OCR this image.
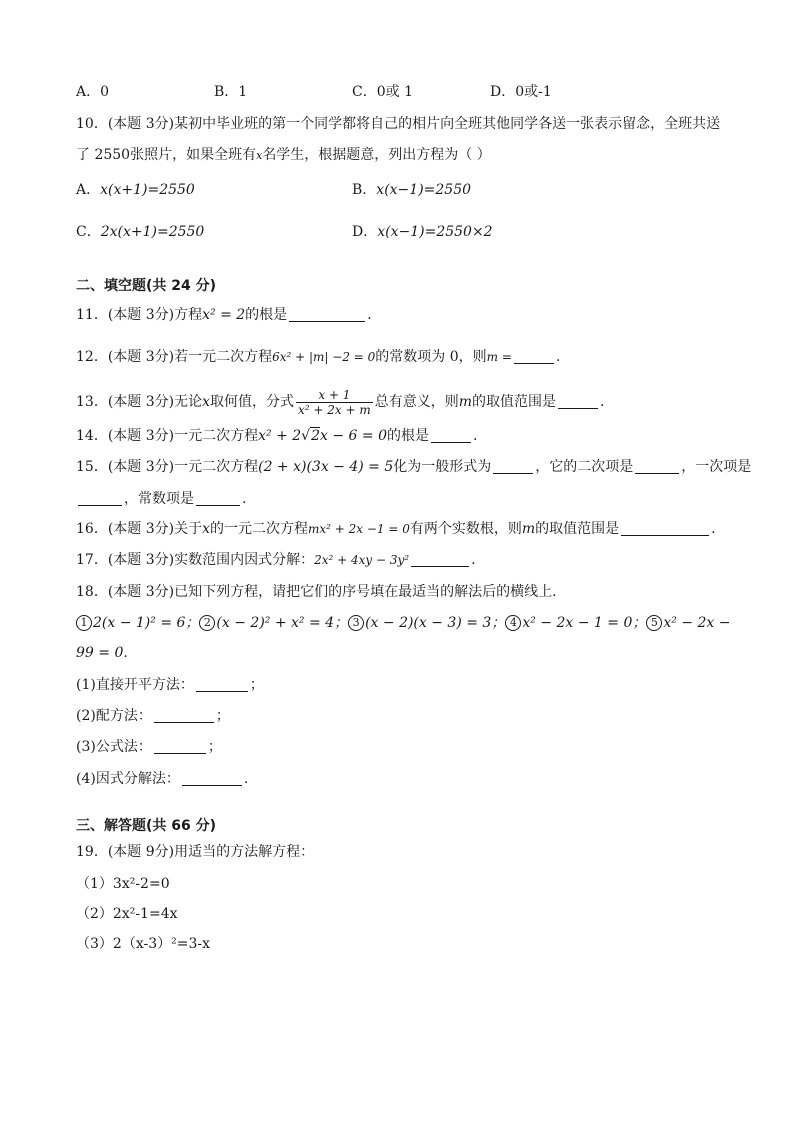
A．0	B．1	C．0或 1	D．0或-1
10．(本题 3分)某初中毕业班的第一个同学都将自己的相片向全班其他同学各送一张表示留念，全班共送
了 2550张照片，如果全班有x名学生，根据题意，列出方程为（ ）
A．x(x+1)=2550	B．x(x−1)=2550
C．2x(x+1)=2550	D．x(x−1)=2550×2
二、填空题(共 24 分)
11．(本题 3分)方程x² = 2的根是	.
12．(本题 3分)若一元二次方程6x² + |m| −2 = 0的常数项为 0，则m =	.
13．(本题 3分)无论x取何值，分式 $\frac{x + 1}{\text{x² + 2x + m}}$ 总有意义，则m的取值范围是	.
14．(本题 3分)一元二次方程x² + 2√2x − 6 = 0的根是	.
15．(本题 3分)一元二次方程(2 + x)(3x − 4) = 5化为一般形式为	，它的二次项是	，一次项是
，常数项是	.
16．(本题 3分)关于x的一元二次方程mx² + 2x −1 = 0有两个实数根，则m的取值范围是	.
17．(本题 3分)实数范围内因式分解：2x² + 4xy − 3y²	.
18．(本题 3分)已知下列方程，请把它们的序号填在最适当的解法后的横线上．
1 2(x − 1)² = 6； 2 (x − 2)² + x² = 4； 3 (x − 2)(x − 3) = 3； 4 x² − 2x − 1 = 0； 5 x² − 2x −
99 = 0.
(1)直接开平方法：	；
(2)配方法：	；
(3)公式法：	；
(4)因式分解法：	.
三、解答题(共 66 分)
19．(本题 9分)用适当的方法解方程：
（1）3x²-2=0
（2）2x²-1=4x
（3）2（x-3）²=3-x
